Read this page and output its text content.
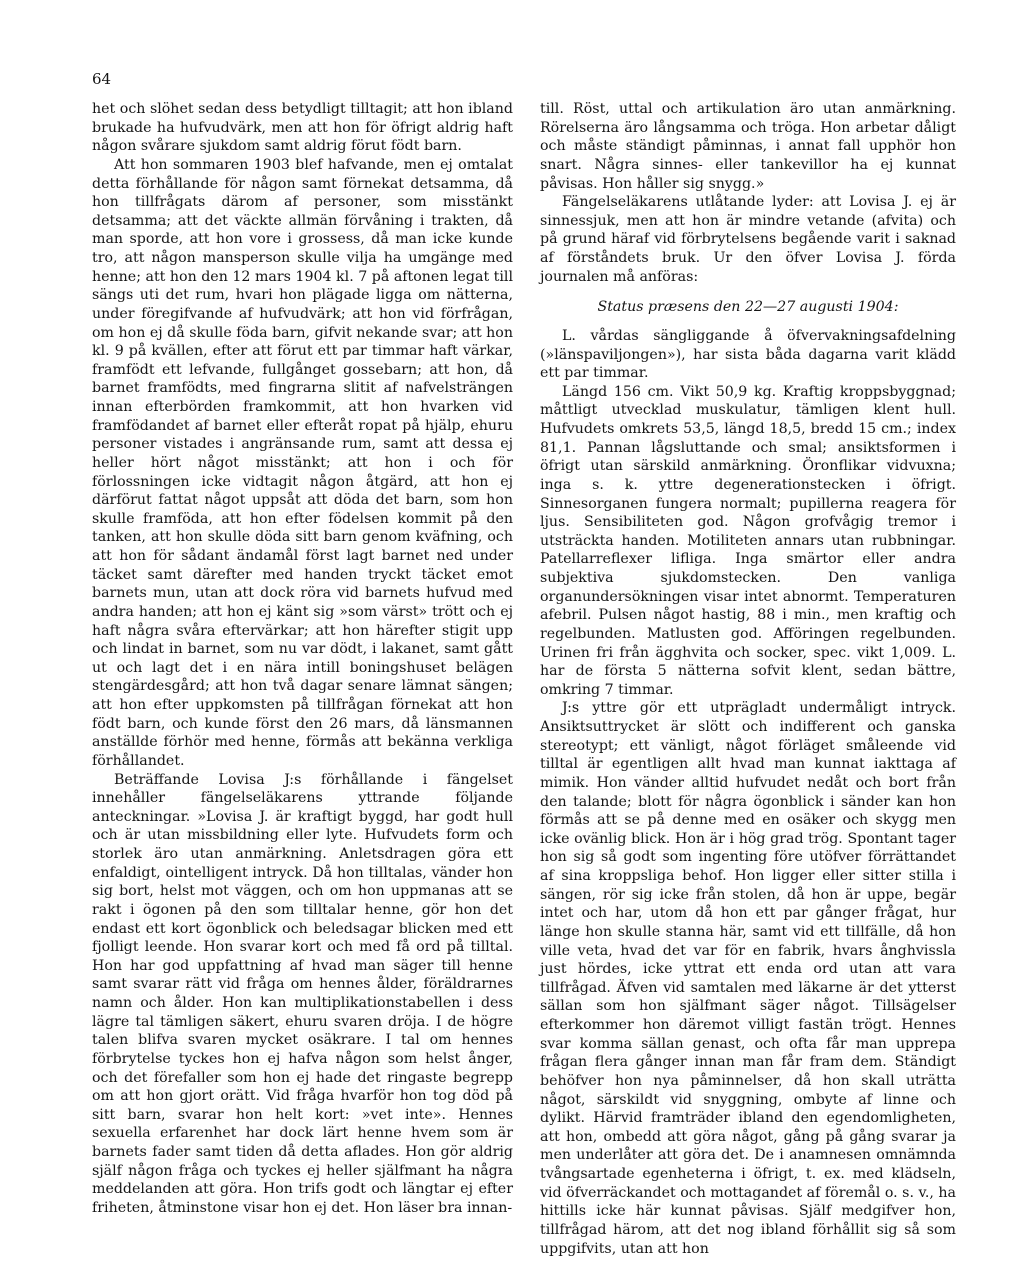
64

het och slöhet sedan dess betydligt tilltagit; att hon ibland brukade ha hufvudvärk, men att hon för öfrigt aldrig haft någon svårare sjukdom samt aldrig förut födt barn.

Att hon sommaren 1903 blef hafvande, men ej omtalat detta förhållande för någon samt förnekat detsamma, då hon tillfrågats därom af personer, som misstänkt detsamma; att det väckte allmän förvåning i trakten, då man sporde, att hon vore i grossess, då man icke kunde tro, att någon mansperson skulle vilja ha umgänge med henne; att hon den 12 mars 1904 kl. 7 på aftonen legat till sängs uti det rum, hvari hon plägade ligga om nätterna, under föregifvande af hufvudvärk; att hon vid förfrågan, om hon ej då skulle föda barn, gifvit nekande svar; att hon kl. 9 på kvällen, efter att förut ett par timmar haft värkar, framfödt ett lefvande, fullgånget gossebarn; att hon, då barnet framfödts, med fingrarna slitit af nafvelsträngen innan efterbörden framkommit, att hon hvarken vid framfödandet af barnet eller efteråt ropat på hjälp, ehuru personer vistades i angränsande rum, samt att dessa ej heller hört något misstänkt; att hon i och för förlossningen icke vidtagit någon åtgärd, att hon ej därförut fattat något uppsåt att döda det barn, som hon skulle framföda, att hon efter födelsen kommit på den tanken, att hon skulle döda sitt barn genom kväfning, och att hon för sådant ändamål först lagt barnet ned under täcket samt därefter med handen tryckt täcket emot barnets mun, utan att dock röra vid barnets hufvud med andra handen; att hon ej känt sig »som värst» trött och ej haft några svåra eftervärkar; att hon härefter stigit upp och lindat in barnet, som nu var dödt, i lakanet, samt gått ut och lagt det i en nära intill boningshuset belägen stengärdesgård; att hon två dagar senare lämnat sängen; att hon efter uppkomsten på tillfrågan förnekat att hon födt barn, och kunde först den 26 mars, då länsmannen anställde förhör med henne, förmås att bekänna verkliga förhållandet.

Beträffande Lovisa J:s förhållande i fängelset innehåller fängelseläkarens yttrande följande anteckningar. »Lovisa J. är kraftigt byggd, har godt hull och är utan missbildning eller lyte. Hufvudets form och storlek äro utan anmärkning. Anletsdragen göra ett enfaldigt, ointelligent intryck. Då hon tilltalas, vänder hon sig bort, helst mot väggen, och om hon uppmanas att se rakt i ögonen på den som tilltalar henne, gör hon det endast ett kort ögonblick och beledsagar blicken med ett fjolligt leende. Hon svarar kort och med få ord på tilltal. Hon har god uppfattning af hvad man säger till henne samt svarar rätt vid fråga om hennes ålder, föräldrarnes namn och ålder. Hon kan multiplikationstabellen i dess lägre tal tämligen säkert, ehuru svaren dröja. I de högre talen blifva svaren mycket osäkrare. I tal om hennes förbrytelse tyckes hon ej hafva någon som helst ånger, och det förefaller som hon ej hade det ringaste begrepp om att hon gjort orätt. Vid fråga hvarför hon tog död på sitt barn, svarar hon helt kort: »vet inte». Hennes sexuella erfarenhet har dock lärt henne hvem som är barnets fader samt tiden då detta aflades. Hon gör aldrig själf någon fråga och tyckes ej heller själfmant ha några meddelanden att göra. Hon trifs godt och längtar ej efter friheten, åtminstone visar hon ej det. Hon läser bra innan-

till. Röst, uttal och artikulation äro utan anmärkning. Rörelserna äro långsamma och tröga. Hon arbetar dåligt och måste ständigt påminnas, i annat fall upphör hon snart. Några sinnes- eller tankevillor ha ej kunnat påvisas. Hon håller sig snygg.»

Fängelseläkarens utlåtande lyder: att Lovisa J. ej är sinnessjuk, men att hon är mindre vetande (afvita) och på grund häraf vid förbrytelsens begående varit i saknad af förståndets bruk. Ur den öfver Lovisa J. förda journalen må anföras:

Status præsens den 22—27 augusti 1904:

L. vårdas sängliggande å öfvervakningsafdelning (»länspaviljongen»), har sista båda dagarna varit klädd ett par timmar.

Längd 156 cm. Vikt 50,9 kg. Kraftig kroppsbyggnad; måttligt utvecklad muskulatur, tämligen klent hull. Hufvudets omkrets 53,5, längd 18,5, bredd 15 cm.; index 81,1. Pannan lågsluttande och smal; ansiktsformen i öfrigt utan särskild anmärkning. Öronflikar vidvuxna; inga s. k. yttre degenerationstecken i öfrigt. Sinnesorganen fungera normalt; pupillerna reagera för ljus. Sensibiliteten god. Någon grofvågig tremor i utsträckta handen. Motiliteten annars utan rubbningar. Patellarreflexer lifliga. Inga smärtor eller andra subjektiva sjukdomstecken. Den vanliga organundersökningen visar intet abnormt. Temperaturen afebril. Pulsen något hastig, 88 i min., men kraftig och regelbunden. Matlusten god. Afföringen regelbunden. Urinen fri från ägghvita och socker, spec. vikt 1,009. L. har de första 5 nätterna sofvit klent, sedan bättre, omkring 7 timmar.

J:s yttre gör ett utprägladt undermåligt intryck. Ansiktsuttrycket är slött och indifferent och ganska stereotypt; ett vänligt, något förläget småleende vid tilltal är egentligen allt hvad man kunnat iakttaga af mimik. Hon vänder alltid hufvudet nedåt och bort från den talande; blott för några ögonblick i sänder kan hon förmås att se på denne med en osäker och skygg men icke ovänlig blick. Hon är i hög grad trög. Spontant tager hon sig så godt som ingenting före utöfver förrättandet af sina kroppsliga behof. Hon ligger eller sitter stilla i sängen, rör sig icke från stolen, då hon är uppe, begär intet och har, utom då hon ett par gånger frågat, hur länge hon skulle stanna här, samt vid ett tillfälle, då hon ville veta, hvad det var för en fabrik, hvars ånghvissla just hördes, icke yttrat ett enda ord utan att vara tillfrågad. Äfven vid samtalen med läkarne är det ytterst sällan som hon själfmant säger något. Tillsägelser efterkommer hon däremot villigt fastän trögt. Hennes svar komma sällan genast, och ofta får man upprepa frågan flera gånger innan man får fram dem. Ständigt behöfver hon nya påminnelser, då hon skall uträtta något, särskildt vid snyggning, ombyte af linne och dylikt. Härvid framträder ibland den egendomligheten, att hon, ombedd att göra något, gång på gång svarar ja men underlåter att göra det. De i anamnesen omnämnda tvångsartade egenheterna i öfrigt, t. ex. med klädseln, vid öfverräckandet och mottagandet af föremål o. s. v., ha hittills icke här kunnat påvisas. Själf medgifver hon, tillfrågad härom, att det nog ibland förhållit sig så som uppgifvits, utan att hon
